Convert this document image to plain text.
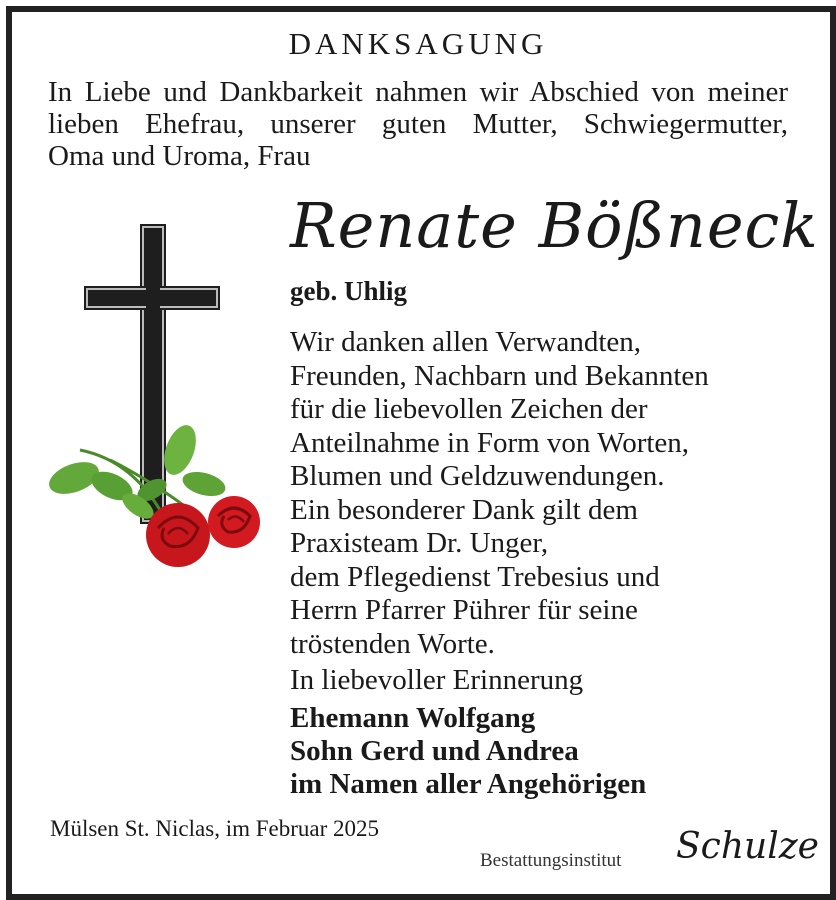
DANKSAGUNG
In Liebe und Dankbarkeit nahmen wir Abschied von meiner
lieben Ehefrau, unserer guten Mutter, Schwiegermutter,
Oma und Uroma, Frau
Renate Bößneck
geb. Uhlig
Wir danken allen Verwandten,
Freunden, Nachbarn und Bekannten
für die liebevollen Zeichen der
Anteilnahme in Form von Worten,
Blumen und Geldzuwendungen.
Ein besonderer Dank gilt dem
Praxisteam Dr. Unger,
dem Pflegedienst Trebesius und
Herrn Pfarrer Pührer für seine
tröstenden Worte.
In liebevoller Erinnerung
Ehemann Wolfgang
Sohn Gerd und Andrea
im Namen aller Angehörigen
Mülsen St. Niclas, im Februar 2025
Bestattungsinstitut Schulze
